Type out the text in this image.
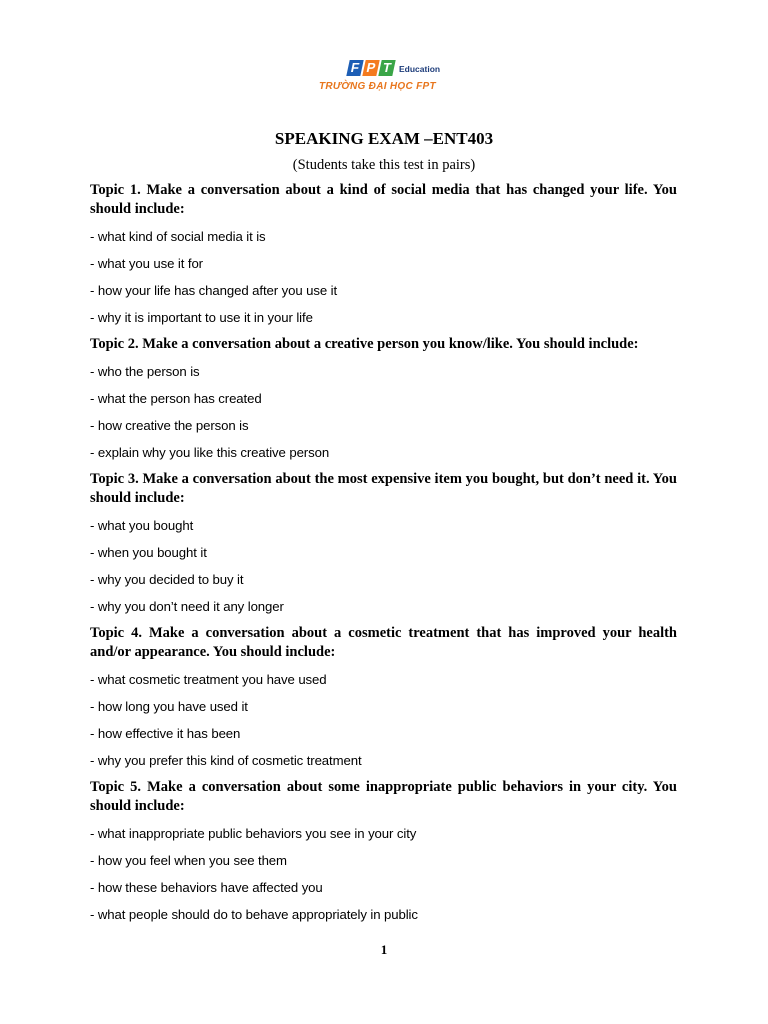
F P T Education
TRƯỜNG ĐẠI HỌC FPT
SPEAKING EXAM –ENT403
(Students take this test in pairs)

Topic 1. Make a conversation about a kind of social media that has changed your life. You should include:

- what kind of social media it is

- what you use it for

- how your life has changed after you use it

- why it is important to use it in your life

Topic 2. Make a conversation about a creative person you know/like. You should include:

- who the person is

- what the person has created

- how creative the person is

- explain why you like this creative person

Topic 3. Make a conversation about the most expensive item you bought, but don’t need it. You should include:

- what you bought

- when you bought it

- why you decided to buy it

- why you don’t need it any longer

Topic 4. Make a conversation about a cosmetic treatment that has improved your health and/or appearance. You should include:

- what cosmetic treatment you have used

- how long you have used it

- how effective it has been

- why you prefer this kind of cosmetic treatment

Topic 5. Make a conversation about some inappropriate public behaviors in your city. You should include:

- what inappropriate public behaviors you see in your city

- how you feel when you see them

- how these behaviors have affected you

- what people should do to behave appropriately in public

1
